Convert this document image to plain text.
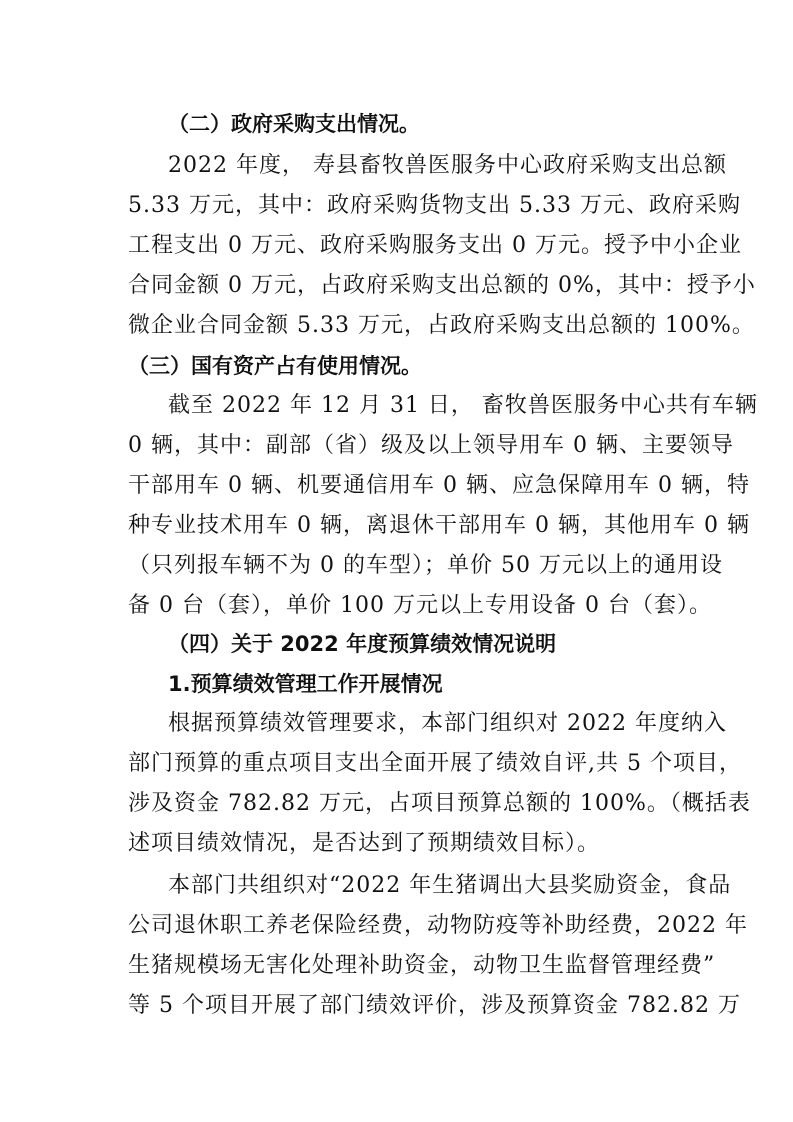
（二）政府采购支出情况。
2022 年度， 寿县畜牧兽医服务中心政府采购支出总额
5.33 万元，其中：政府采购货物支出 5.33 万元、政府采购
工程支出 0 万元、政府采购服务支出 0 万元。授予中小企业
合同金额 0 万元，占政府采购支出总额的 0%，其中：授予小
微企业合同金额 5.33 万元，占政府采购支出总额的 100%。
（三）国有资产占有使用情况。
截至 2022 年 12 月 31 日， 畜牧兽医服务中心共有车辆
0 辆，其中：副部（省）级及以上领导用车 0 辆、主要领导
干部用车 0 辆、机要通信用车 0 辆、应急保障用车 0 辆，特
种专业技术用车 0 辆，离退休干部用车 0 辆，其他用车 0 辆
（只列报车辆不为 0 的车型）；单价 50 万元以上的通用设
备 0 台（套），单价 100 万元以上专用设备 0 台（套）。
（四）关于 2022 年度预算绩效情况说明
1.预算绩效管理工作开展情况
根据预算绩效管理要求，本部门组织对 2022 年度纳入
部门预算的重点项目支出全面开展了绩效自评,共 5 个项目，
涉及资金 782.82 万元，占项目预算总额的 100%。（概括表
述项目绩效情况，是否达到了预期绩效目标）。
本部门共组织对“2022 年生猪调出大县奖励资金，食品
公司退休职工养老保险经费，动物防疫等补助经费，2022 年
生猪规模场无害化处理补助资金，动物卫生监督管理经费”
等 5 个项目开展了部门绩效评价，涉及预算资金 782.82 万
